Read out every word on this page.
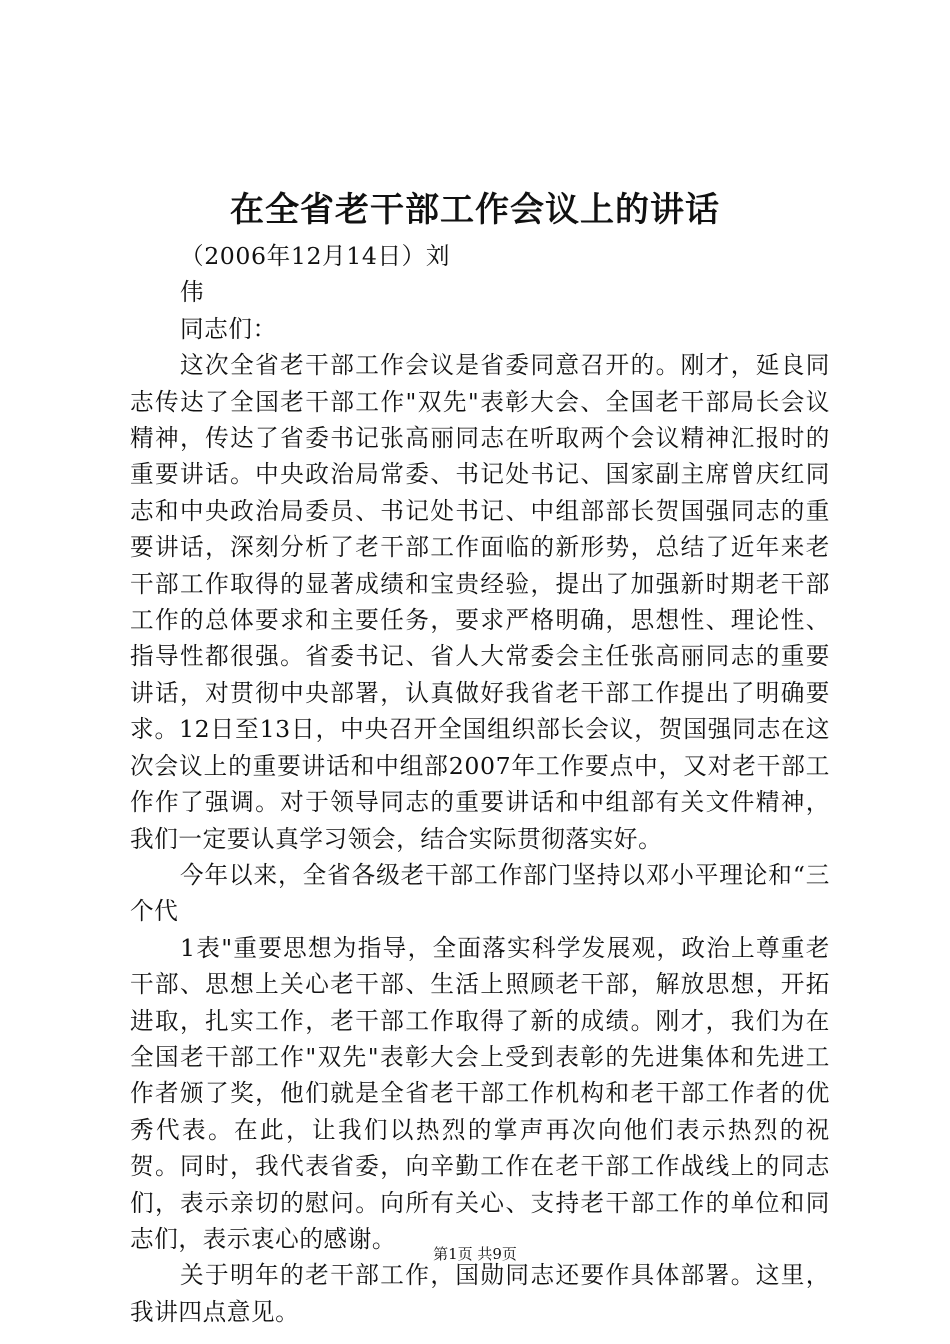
在全省老干部工作会议上的讲话

（2006年12月14日）刘

伟

同志们：

这次全省老干部工作会议是省委同意召开的。刚才，延良同志传达了全国老干部工作"双先"表彰大会、全国老干部局长会议精神，传达了省委书记张高丽同志在听取两个会议精神汇报时的重要讲话。中央政治局常委、书记处书记、国家副主席曾庆红同志和中央政治局委员、书记处书记、中组部部长贺国强同志的重要讲话，深刻分析了老干部工作面临的新形势，总结了近年来老干部工作取得的显著成绩和宝贵经验，提出了加强新时期老干部工作的总体要求和主要任务，要求严格明确，思想性、理论性、指导性都很强。省委书记、省人大常委会主任张高丽同志的重要讲话，对贯彻中央部署，认真做好我省老干部工作提出了明确要求。12日至13日，中央召开全国组织部长会议，贺国强同志在这次会议上的重要讲话和中组部2007年工作要点中，又对老干部工作作了强调。对于领导同志的重要讲话和中组部有关文件精神，我们一定要认真学习领会，结合实际贯彻落实好。

今年以来，全省各级老干部工作部门坚持以邓小平理论和“三个代

1表"重要思想为指导，全面落实科学发展观，政治上尊重老干部、思想上关心老干部、生活上照顾老干部，解放思想，开拓进取，扎实工作，老干部工作取得了新的成绩。刚才，我们为在全国老干部工作"双先"表彰大会上受到表彰的先进集体和先进工作者颁了奖，他们就是全省老干部工作机构和老干部工作者的优秀代表。在此，让我们以热烈的掌声再次向他们表示热烈的祝贺。同时，我代表省委，向辛勤工作在老干部工作战线上的同志们，表示亲切的慰问。向所有关心、支持老干部工作的单位和同志们，表示衷心的感谢。

关于明年的老干部工作，国勋同志还要作具体部署。这里，我讲四点意见。

第1页 共9页
